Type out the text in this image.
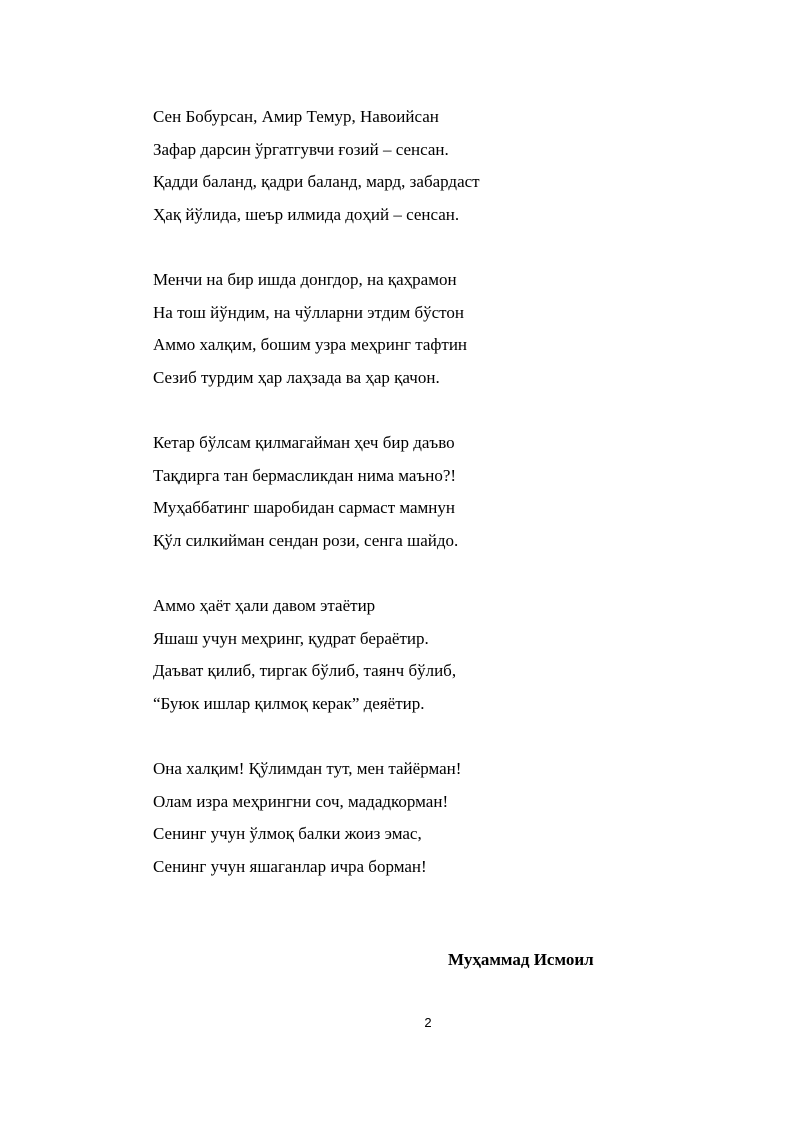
Сен Бобурсан, Амир Темур, Навоийсан
Зафар дарсин ўргатгувчи ғозий – сенсан.
Қадди баланд, қадри баланд, мард, забардаст
Ҳақ йўлида, шеър илмида доҳий – сенсан.
Менчи на бир ишда донгдор, на қаҳрамон
На тош йўндим, на чўлларни этдим бўстон
Аммо халқим, бошим узра меҳринг тафтин
Сезиб турдим ҳар лаҳзада ва ҳар қачон.
Кетар бўлсам қилмагайман ҳеч бир даъво
Тақдирга тан бермасликдан нима маъно?!
Муҳаббатинг шаробидан сармаст мамнун
Қўл силкийман сендан рози, сенга шайдо.
Аммо ҳаёт ҳали давом этаётир
Яшаш учун меҳринг, қудрат бераётир.
Даъват қилиб, тиргак бўлиб, таянч бўлиб,
“Буюк ишлар қилмоқ керак” деяётир.
Она халқим! Қўлимдан тут, мен тайёрман!
Олам изра меҳрингни соч, мададкорман!
Сенинг учун ўлмоқ балки жоиз эмас,
Сенинг учун яшаганлар ичра борман!
Муҳаммад Исмоил
2
